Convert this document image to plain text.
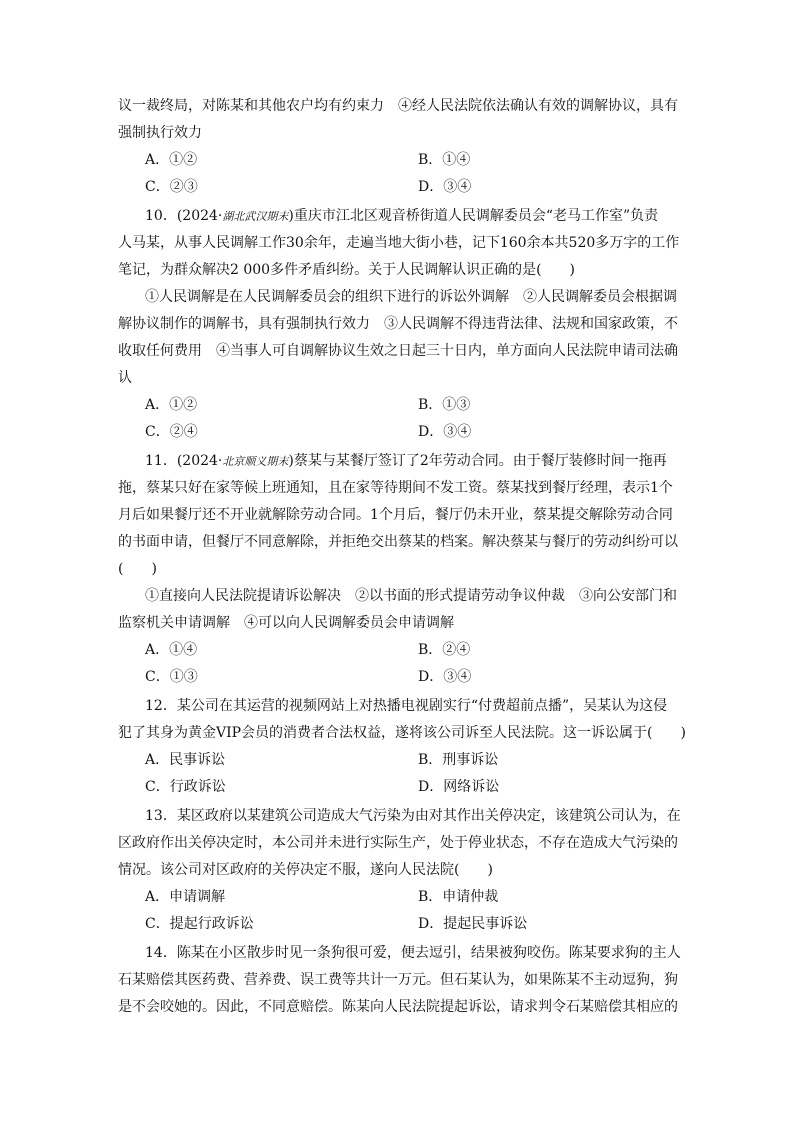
议一裁终局，对陈某和其他农户均有约束力　④经人民法院依法确认有效的调解协议，具有
强制执行效力
A．①②	B．①④
C．②③	D．③④
10．(2024·湖北武汉期末)重庆市江北区观音桥街道人民调解委员会“老马工作室”负责
人马某，从事人民调解工作30余年，走遍当地大街小巷，记下160余本共520多万字的工作
笔记，为群众解决2 000多件矛盾纠纷。关于人民调解认识正确的是(　　)
①人民调解是在人民调解委员会的组织下进行的诉讼外调解　②人民调解委员会根据调
解协议制作的调解书，具有强制执行效力　③人民调解不得违背法律、法规和国家政策，不
收取任何费用　④当事人可自调解协议生效之日起三十日内，单方面向人民法院申请司法确
认
A．①②	B．①③
C．②④	D．③④
11．(2024·北京顺义期末)蔡某与某餐厅签订了2年劳动合同。由于餐厅装修时间一拖再
拖，蔡某只好在家等候上班通知，且在家等待期间不发工资。蔡某找到餐厅经理，表示1个
月后如果餐厅还不开业就解除劳动合同。1个月后，餐厅仍未开业，蔡某提交解除劳动合同
的书面申请，但餐厅不同意解除，并拒绝交出蔡某的档案。解决蔡某与餐厅的劳动纠纷可以
(　　)
①直接向人民法院提请诉讼解决　②以书面的形式提请劳动争议仲裁　③向公安部门和
监察机关申请调解　④可以向人民调解委员会申请调解
A．①④	B．②④
C．①③	D．③④
12．某公司在其运营的视频网站上对热播电视剧实行“付费超前点播”，吴某认为这侵
犯了其身为黄金VIP会员的消费者合法权益，遂将该公司诉至人民法院。这一诉讼属于(　　)
A．民事诉讼	B．刑事诉讼
C．行政诉讼	D．网络诉讼
13．某区政府以某建筑公司造成大气污染为由对其作出关停决定，该建筑公司认为，在
区政府作出关停决定时，本公司并未进行实际生产，处于停业状态，不存在造成大气污染的
情况。该公司对区政府的关停决定不服，遂向人民法院(　　)
A．申请调解	B．申请仲裁
C．提起行政诉讼	D．提起民事诉讼
14．陈某在小区散步时见一条狗很可爱，便去逗引，结果被狗咬伤。陈某要求狗的主人
石某赔偿其医药费、营养费、误工费等共计一万元。但石某认为，如果陈某不主动逗狗，狗
是不会咬她的。因此，不同意赔偿。陈某向人民法院提起诉讼，请求判令石某赔偿其相应的
